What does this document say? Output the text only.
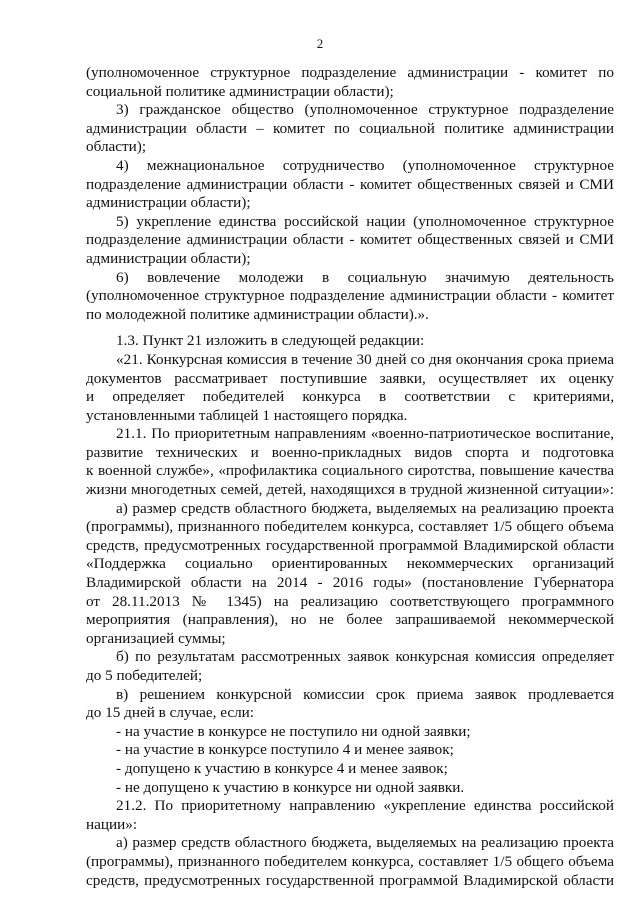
2
(уполномоченное структурное подразделение администрации - комитет по
социальной политике администрации области);
3) гражданское общество (уполномоченное структурное подразделение
администрации области – комитет по социальной политике администрации
области);
4) межнациональное сотрудничество (уполномоченное структурное
подразделение администрации области - комитет общественных связей и СМИ
администрации области);
5) укрепление единства российской нации (уполномоченное структурное
подразделение администрации области - комитет общественных связей и СМИ
администрации области);
6) вовлечение молодежи в социальную значимую деятельность
(уполномоченное структурное подразделение администрации области - комитет
по молодежной политике администрации области).».
1.3. Пункт 21 изложить в следующей редакции:
«21. Конкурсная комиссия в течение 30 дней со дня окончания срока приема
документов рассматривает поступившие заявки, осуществляет их оценку
и определяет победителей конкурса в соответствии с критериями,
установленными таблицей 1 настоящего порядка.
21.1. По приоритетным направлениям «военно-патриотическое воспитание,
развитие технических и военно-прикладных видов спорта и подготовка
к военной службе», «профилактика социального сиротства, повышение качества
жизни многодетных семей, детей, находящихся в трудной жизненной ситуации»:
а) размер средств областного бюджета, выделяемых на реализацию проекта
(программы), признанного победителем конкурса, составляет 1/5 общего объема
средств, предусмотренных государственной программой Владимирской области
«Поддержка социально ориентированных некоммерческих организаций
Владимирской области на 2014 - 2016 годы» (постановление Губернатора
от 28.11.2013 № 1345) на реализацию соответствующего программного
мероприятия (направления), но не более запрашиваемой некоммерческой
организацией суммы;
б) по результатам рассмотренных заявок конкурсная комиссия определяет
до 5 победителей;
в) решением конкурсной комиссии срок приема заявок продлевается
до 15 дней в случае, если:
- на участие в конкурсе не поступило ни одной заявки;
- на участие в конкурсе поступило 4 и менее заявок;
- допущено к участию в конкурсе 4 и менее заявок;
- не допущено к участию в конкурсе ни одной заявки.
21.2. По приоритетному направлению «укрепление единства российской
нации»:
а) размер средств областного бюджета, выделяемых на реализацию проекта
(программы), признанного победителем конкурса, составляет 1/5 общего объема
средств, предусмотренных государственной программой Владимирской области
